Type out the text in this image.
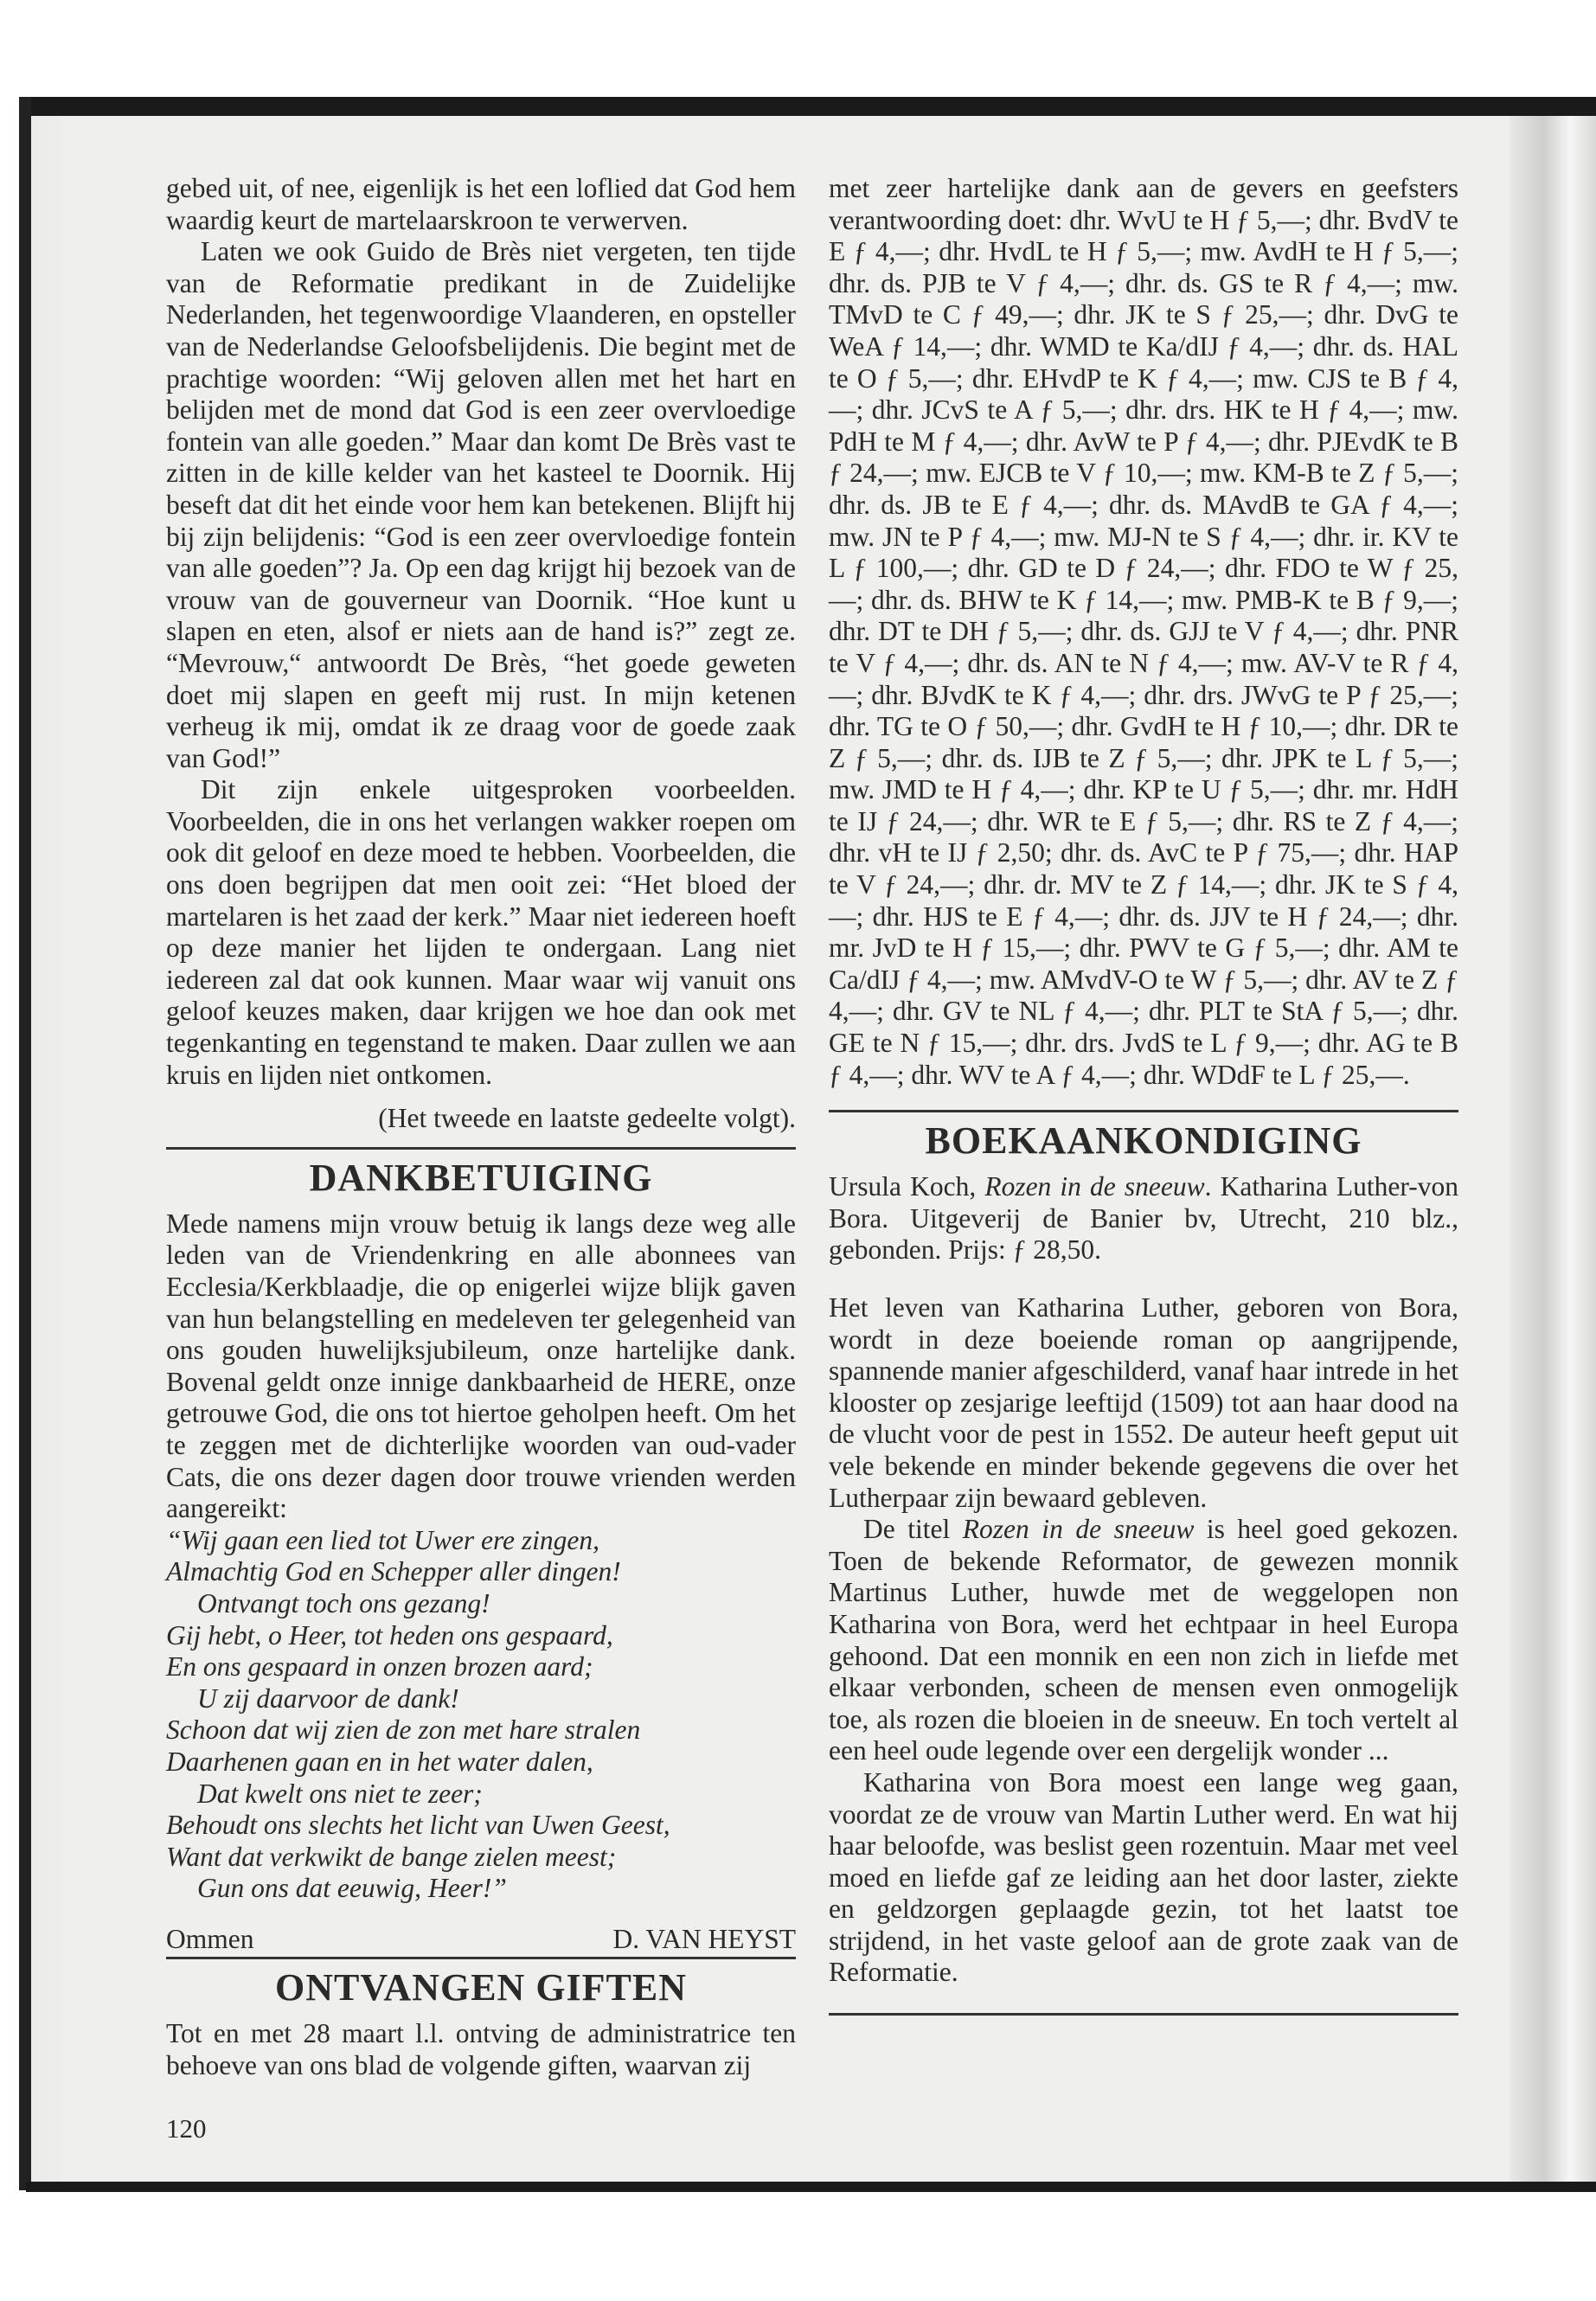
gebed uit, of nee, eigenlijk is het een loflied dat God hem waardig keurt de martelaarskroon te verwerven.

Laten we ook Guido de Brès niet vergeten, ten tijde van de Reformatie predikant in de Zuidelijke Nederlanden, het tegenwoordige Vlaanderen, en opsteller van de Nederlandse Geloofsbelijdenis. Die begint met de prachtige woorden: “Wij geloven allen met het hart en belijden met de mond dat God is een zeer overvloedige fontein van alle goeden.” Maar dan komt De Brès vast te zitten in de kille kelder van het kasteel te Doornik. Hij beseft dat dit het einde voor hem kan betekenen. Blijft hij bij zijn belijdenis: “God is een zeer overvloedige fontein van alle goeden”? Ja. Op een dag krijgt hij bezoek van de vrouw van de gouverneur van Doornik. “Hoe kunt u slapen en eten, alsof er niets aan de hand is?” zegt ze. “Mevrouw,“ antwoordt De Brès, “het goede geweten doet mij slapen en geeft mij rust. In mijn ketenen verheug ik mij, omdat ik ze draag voor de goede zaak van God!”

Dit zijn enkele uitgesproken voorbeelden. Voorbeelden, die in ons het verlangen wakker roepen om ook dit geloof en deze moed te hebben. Voorbeelden, die ons doen begrijpen dat men ooit zei: “Het bloed der martelaren is het zaad der kerk.” Maar niet iedereen hoeft op deze manier het lijden te ondergaan. Lang niet iedereen zal dat ook kunnen. Maar waar wij vanuit ons geloof keuzes maken, daar krijgen we hoe dan ook met tegenkanting en tegenstand te maken. Daar zullen we aan kruis en lijden niet ontkomen.

(Het tweede en laatste gedeelte volgt).

DANKBETUIGING

Mede namens mijn vrouw betuig ik langs deze weg alle leden van de Vriendenkring en alle abonnees van Ecclesia/Kerkblaadje, die op enigerlei wijze blijk gaven van hun belangstelling en medeleven ter gelegenheid van ons gouden huwelijksjubileum, onze hartelijke dank. Bovenal geldt onze innige dankbaarheid de HERE, onze getrouwe God, die ons tot hiertoe geholpen heeft. Om het te zeggen met de dichterlijke woorden van oud-vader Cats, die ons dezer dagen door trouwe vrienden werden aangereikt:

“Wij gaan een lied tot Uwer ere zingen,
Almachtig God en Schepper aller dingen!
Ontvangt toch ons gezang!
Gij hebt, o Heer, tot heden ons gespaard,
En ons gespaard in onzen brozen aard;
U zij daarvoor de dank!
Schoon dat wij zien de zon met hare stralen
Daarhenen gaan en in het water dalen,
Dat kwelt ons niet te zeer;
Behoudt ons slechts het licht van Uwen Geest,
Want dat verkwikt de bange zielen meest;
Gun ons dat eeuwig, Heer!”
Ommen	D. VAN HEYST
ONTVANGEN GIFTEN

Tot en met 28 maart l.l. ontving de administratrice ten behoeve van ons blad de volgende giften, waarvan zij

120

met zeer hartelijke dank aan de gevers en geefsters verantwoording doet: dhr. WvU te H ƒ 5,—; dhr. BvdV te E ƒ 4,—; dhr. HvdL te H ƒ 5,—; mw. AvdH te H ƒ 5,—; dhr. ds. PJB te V ƒ 4,—; dhr. ds. GS te R ƒ 4,—; mw. TMvD te C ƒ 49,—; dhr. JK te S ƒ 25,—; dhr. DvG te WeA ƒ 14,—; dhr. WMD te Ka/dIJ ƒ 4,—; dhr. ds. HAL te O ƒ 5,—; dhr. EHvdP te K ƒ 4,—; mw. CJS te B ƒ 4,—; dhr. JCvS te A ƒ 5,—; dhr. drs. HK te H ƒ 4,—; mw. PdH te M ƒ 4,—; dhr. AvW te P ƒ 4,—; dhr. PJEvdK te B ƒ 24,—; mw. EJCB te V ƒ 10,—; mw. KM-B te Z ƒ 5,—; dhr. ds. JB te E ƒ 4,—; dhr. ds. MAvdB te GA ƒ 4,—; mw. JN te P ƒ 4,—; mw. MJ-N te S ƒ 4,—; dhr. ir. KV te L ƒ 100,—; dhr. GD te D ƒ 24,—; dhr. FDO te W ƒ 25,—; dhr. ds. BHW te K ƒ 14,—; mw. PMB-K te B ƒ 9,—; dhr. DT te DH ƒ 5,—; dhr. ds. GJJ te V ƒ 4,—; dhr. PNR te V ƒ 4,—; dhr. ds. AN te N ƒ 4,—; mw. AV-V te R ƒ 4,—; dhr. BJvdK te K ƒ 4,—; dhr. drs. JWvG te P ƒ 25,—; dhr. TG te O ƒ 50,—; dhr. GvdH te H ƒ 10,—; dhr. DR te Z ƒ 5,—; dhr. ds. IJB te Z ƒ 5,—; dhr. JPK te L ƒ 5,—; mw. JMD te H ƒ 4,—; dhr. KP te U ƒ 5,—; dhr. mr. HdH te IJ ƒ 24,—; dhr. WR te E ƒ 5,—; dhr. RS te Z ƒ 4,—; dhr. vH te IJ ƒ 2,50; dhr. ds. AvC te P ƒ 75,—; dhr. HAP te V ƒ 24,—; dhr. dr. MV te Z ƒ 14,—; dhr. JK te S ƒ 4,—; dhr. HJS te E ƒ 4,—; dhr. ds. JJV te H ƒ 24,—; dhr. mr. JvD te H ƒ 15,—; dhr. PWV te G ƒ 5,—; dhr. AM te Ca/dIJ ƒ 4,—; mw. AMvdV-O te W ƒ 5,—; dhr. AV te Z ƒ 4,—; dhr. GV te NL ƒ 4,—; dhr. PLT te StA ƒ 5,—; dhr. GE te N ƒ 15,—; dhr. drs. JvdS te L ƒ 9,—; dhr. AG te B ƒ 4,—; dhr. WV te A ƒ 4,—; dhr. WDdF te L ƒ 25,—.

BOEKAANKONDIGING

Ursula Koch, Rozen in de sneeuw. Katharina Luther-von Bora. Uitgeverij de Banier bv, Utrecht, 210 blz., gebonden. Prijs: ƒ 28,50.

Het leven van Katharina Luther, geboren von Bora, wordt in deze boeiende roman op aangrijpende, spannende manier afgeschilderd, vanaf haar intrede in het klooster op zesjarige leeftijd (1509) tot aan haar dood na de vlucht voor de pest in 1552. De auteur heeft geput uit vele bekende en minder bekende gegevens die over het Lutherpaar zijn bewaard gebleven.

De titel Rozen in de sneeuw is heel goed gekozen. Toen de bekende Reformator, de gewezen monnik Martinus Luther, huwde met de weggelopen non Katharina von Bora, werd het echtpaar in heel Europa gehoond. Dat een monnik en een non zich in liefde met elkaar verbonden, scheen de mensen even onmogelijk toe, als rozen die bloeien in de sneeuw. En toch vertelt al een heel oude legende over een dergelijk wonder ...

Katharina von Bora moest een lange weg gaan, voordat ze de vrouw van Martin Luther werd. En wat hij haar beloofde, was beslist geen rozentuin. Maar met veel moed en liefde gaf ze leiding aan het door laster, ziekte en geldzorgen geplaagde gezin, tot het laatst toe strijdend, in het vaste geloof aan de grote zaak van de Reformatie.
